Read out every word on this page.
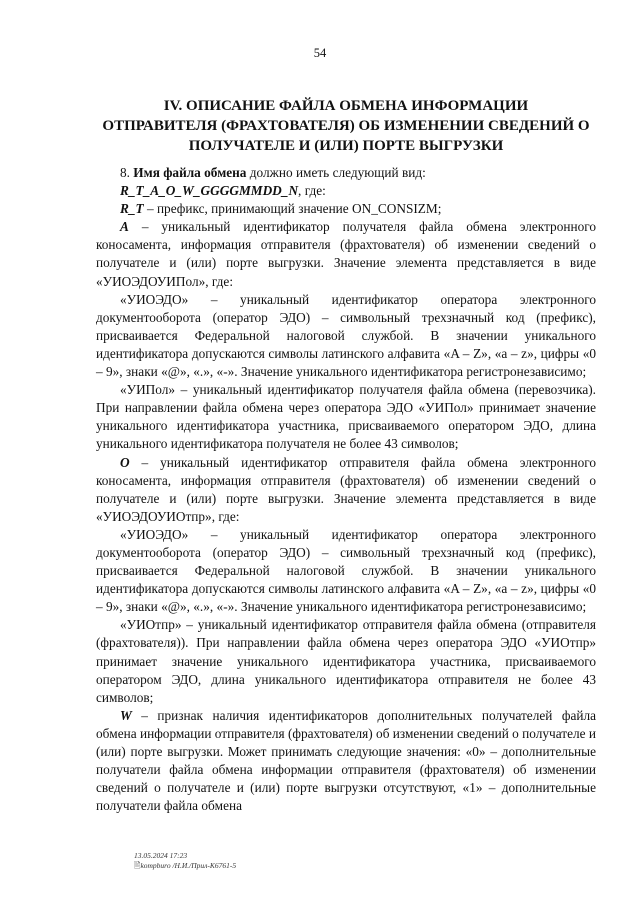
54
IV. ОПИСАНИЕ ФАЙЛА ОБМЕНА ИНФОРМАЦИИ
ОТПРАВИТЕЛЯ (ФРАХТОВАТЕЛЯ) ОБ ИЗМЕНЕНИИ СВЕДЕНИЙ О
ПОЛУЧАТЕЛЕ И (ИЛИ) ПОРТЕ ВЫГРУЗКИ

8. Имя файла обмена должно иметь следующий вид:

R_T_A_O_W_GGGGMMDD_N, где:

R_T – префикс, принимающий значение ON_CONSIZM;

A – уникальный идентификатор получателя файла обмена электронного коносамента, информация отправителя (фрахтователя) об изменении сведений о получателе и (или) порте выгрузки. Значение элемента представляется в виде «УИОЭДОУИПол», где:

«УИОЭДО» – уникальный идентификатор оператора электронного документооборота (оператор ЭДО) – символьный трехзначный код (префикс), присваивается Федеральной налоговой службой. В значении уникального идентификатора допускаются символы латинского алфавита «A – Z», «a – z», цифры «0 – 9», знаки «@», «.», «-». Значение уникального идентификатора регистронезависимо;

«УИПол» – уникальный идентификатор получателя файла обмена (перевозчика). При направлении файла обмена через оператора ЭДО «УИПол» принимает значение уникального идентификатора участника, присваиваемого оператором ЭДО, длина уникального идентификатора получателя не более 43 символов;

O – уникальный идентификатор отправителя файла обмена электронного коносамента, информация отправителя (фрахтователя) об изменении сведений о получателе и (или) порте выгрузки. Значение элемента представляется в виде «УИОЭДОУИОтпр», где:

«УИОЭДО» – уникальный идентификатор оператора электронного документооборота (оператор ЭДО) – символьный трехзначный код (префикс), присваивается Федеральной налоговой службой. В значении уникального идентификатора допускаются символы латинского алфавита «A – Z», «a – z», цифры «0 – 9», знаки «@», «.», «-». Значение уникального идентификатора регистронезависимо;

«УИОтпр» – уникальный идентификатор отправителя файла обмена (отправителя (фрахтователя)). При направлении файла обмена через оператора ЭДО «УИОтпр» принимает значение уникального идентификатора участника, присваиваемого оператором ЭДО, длина уникального идентификатора отправителя не более 43 символов;

W – признак наличия идентификаторов дополнительных получателей файла обмена информации отправителя (фрахтователя) об изменении сведений о получателе и (или) порте выгрузки. Может принимать следующие значения: «0» – дополнительные получатели файла обмена информации отправителя (фрахтователя) об изменении сведений о получателе и (или) порте выгрузки отсутствуют, «1» – дополнительные получатели файла обмена

13.05.2024 17:23
🖹kompburo /Н.И./Прил-К6761-5
